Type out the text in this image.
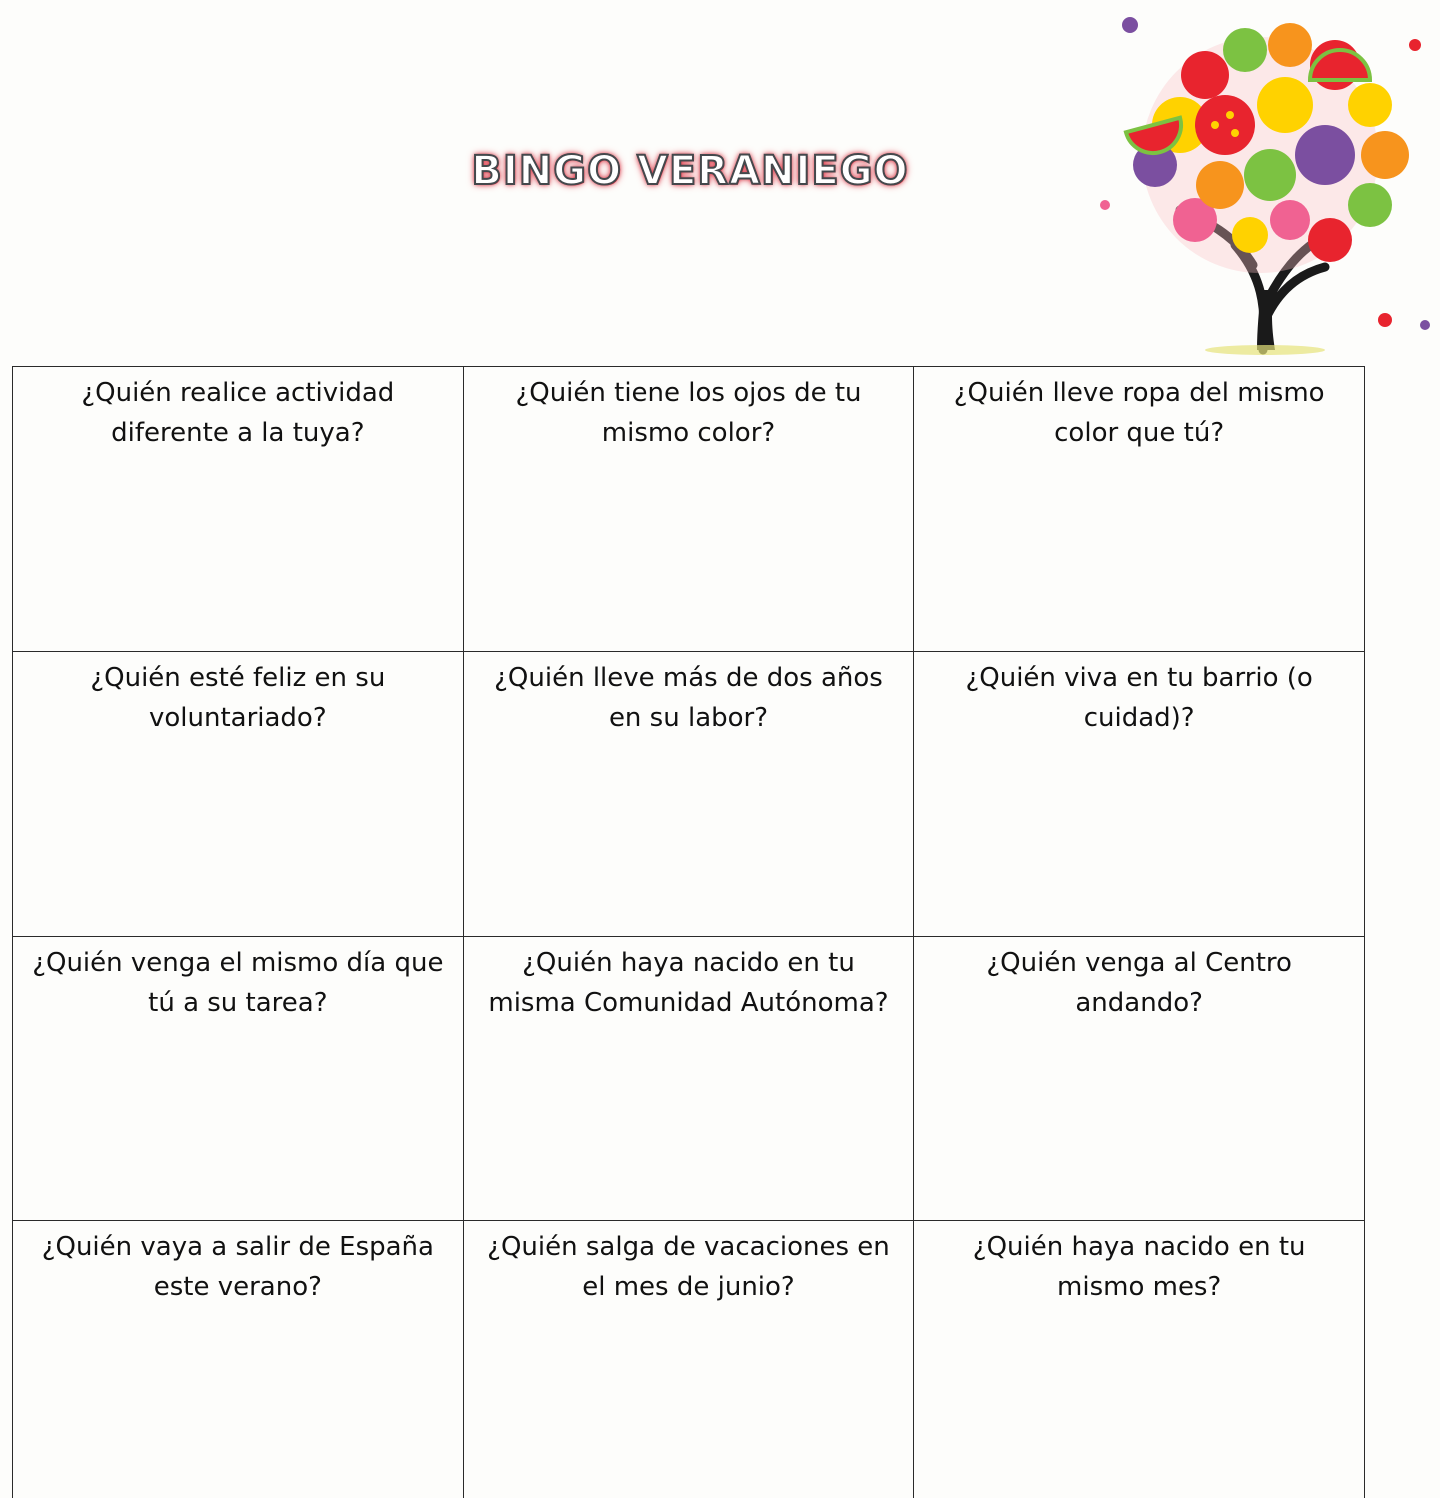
BINGO VERANIEGO
¿Quién realice actividad diferente a la tuya?	¿Quién tiene los ojos de tu mismo color?	¿Quién lleve ropa del mismo color que tú?
¿Quién esté feliz en su voluntariado?	¿Quién lleve más de dos años en su labor?	¿Quién viva en tu barrio (o cuidad)?
¿Quién venga el mismo día que tú a su tarea?	¿Quién haya nacido en tu misma Comunidad Autónoma?	¿Quién venga al Centro andando?
¿Quién vaya a salir de España este verano?	¿Quién salga de vacaciones en el mes de junio?	¿Quién haya nacido en tu mismo mes?
